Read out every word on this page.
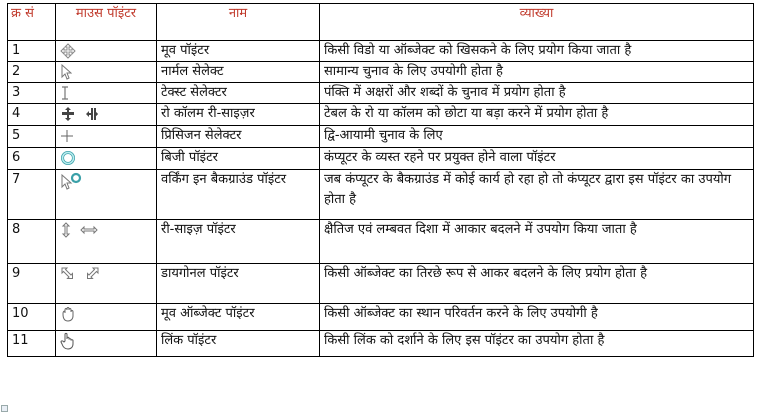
क्र सं	माउस पॉइंटर	नाम	व्याख्या
1		मूव पॉइंटर	किसी विडो या ऑब्जेक्ट को खिसकने के लिए प्रयोग किया जाता है
2		नार्मल सेलेक्ट	सामान्य चुनाव के लिए उपयोगी होता है
3		टेक्स्ट सेलेक्टर	पंक्ति में अक्षरों और शब्दों के चुनाव में प्रयोग होता है
4		रो कॉलम री-साइज़र	टेबल के रो या कॉलम को छोटा या बड़ा करने में प्रयोग होता है
5		प्रिसिजन सेलेक्टर	द्वि-आयामी चुनाव के लिए
6		बिजी पॉइंटर	कंप्यूटर के व्यस्त रहने पर प्रयुक्त होने वाला पॉइंटर
7		वर्किंग इन बैकग्राउंड पॉइंटर	जब कंप्यूटर के बैकग्राउंड में कोई कार्य हो रहा हो तो कंप्यूटर द्वारा इस पॉइंटर का उपयोग होता है
8		री-साइज़ पॉइंटर	क्षैतिज एवं लम्बवत दिशा में आकार बदलने में उपयोग किया जाता है
9		डायगोनल पॉइंटर	किसी ऑब्जेक्ट का तिरछे रूप से आकर बदलने के लिए प्रयोग होता है
10		मूव ऑब्जेक्ट पॉइंटर	किसी ऑब्जेक्ट का स्थान परिवर्तन करने के लिए उपयोगी है
11		लिंक पॉइंटर	किसी लिंक को दर्शाने के लिए इस पॉइंटर का उपयोग होता है
